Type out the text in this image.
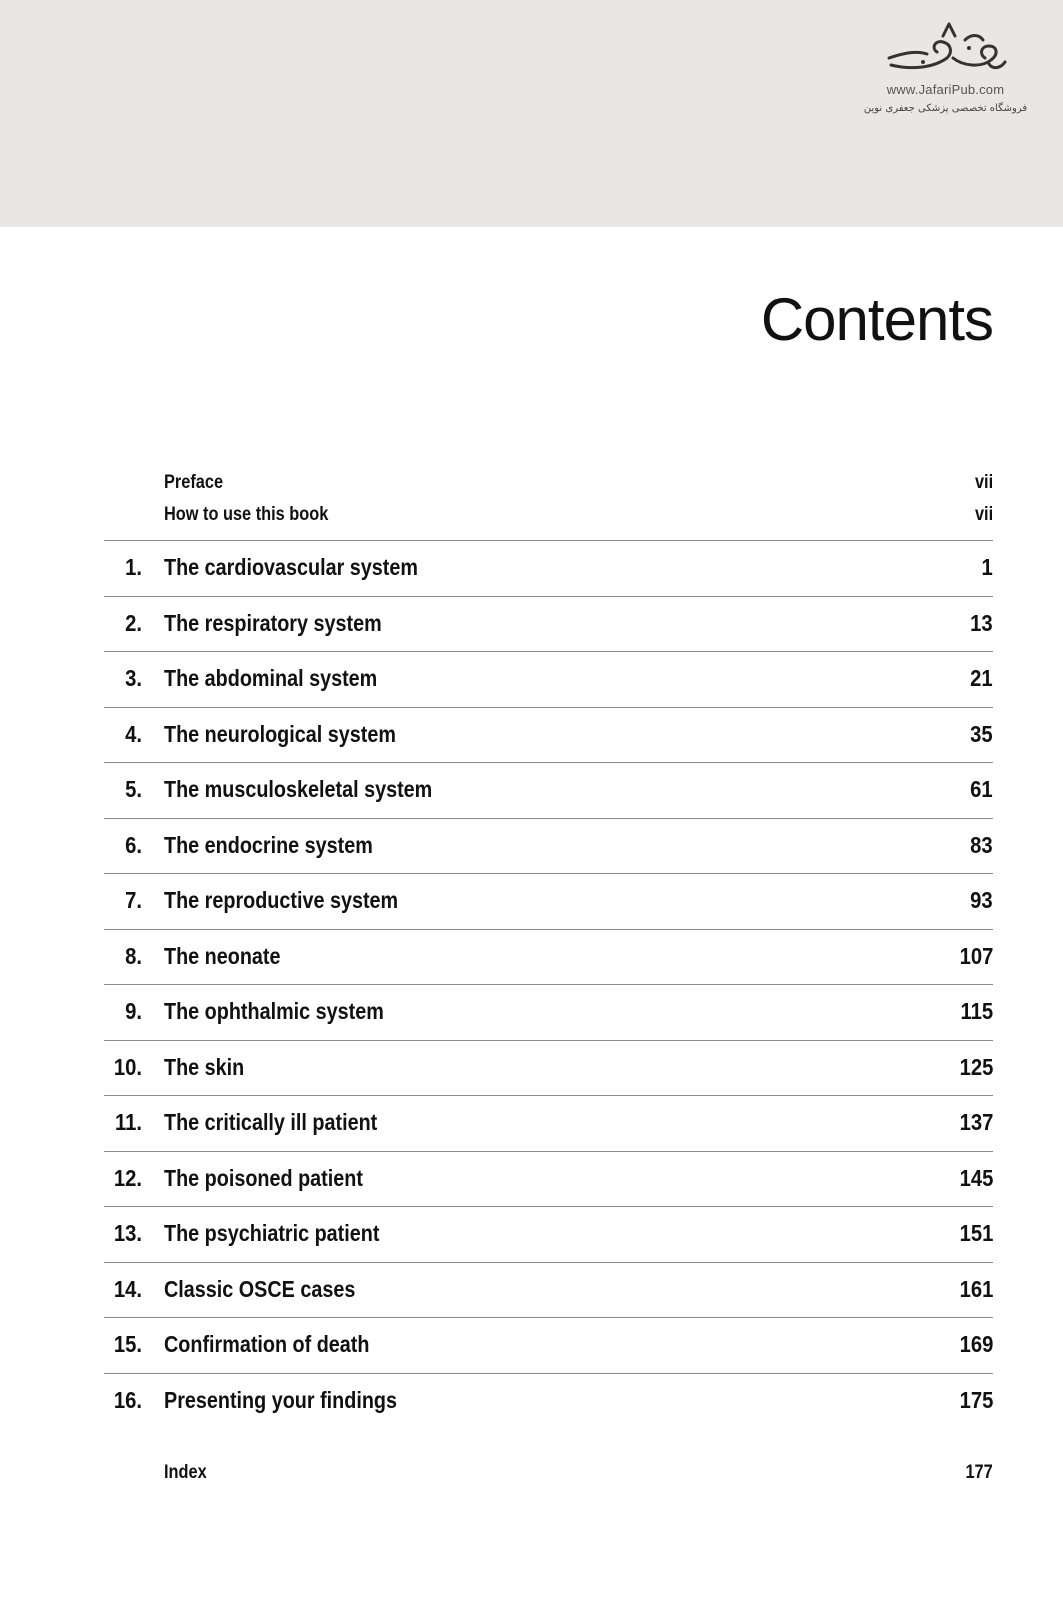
www.JafariPub.com
فروشگاه تخصصی پزشکی جعفری نوین
Contents
Preface	vii
How to use this book	vii
1. The cardiovascular system	1
2. The respiratory system	13
3. The abdominal system	21
4. The neurological system	35
5. The musculoskeletal system	61
6. The endocrine system	83
7. The reproductive system	93
8. The neonate	107
9. The ophthalmic system	115
10. The skin	125
11. The critically ill patient	137
12. The poisoned patient	145
13. The psychiatric patient	151
14. Classic OSCE cases	161
15. Confirmation of death	169
16. Presenting your findings	175
Index	177
